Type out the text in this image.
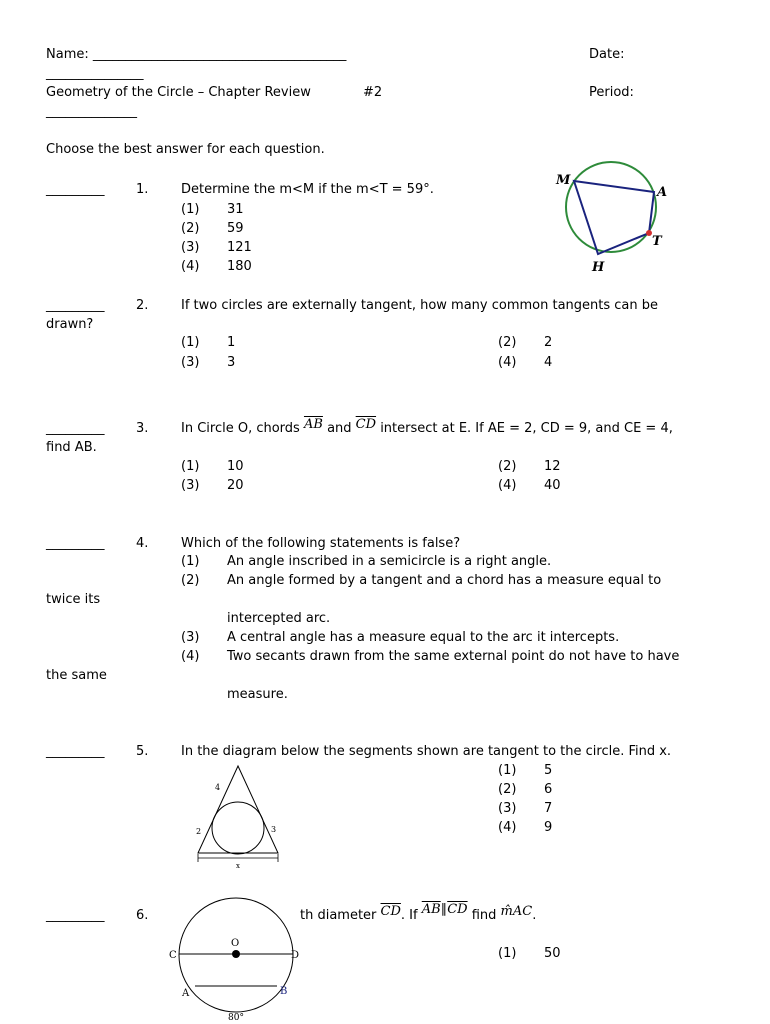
Name: _______________________________________	Date:
_______________
Geometry of the Circle – Chapter Review	#2	Period:
______________
Choose the best answer for each question.
_________ 1.	Determine the m<M if the m<T = 59°.
(1) 31
(2) 59
(3) 121
(4) 180
M
A
T
H
_________ 2.	If two circles are externally tangent, how many common tangents can be
drawn?
(1) 1	(2) 2
(3) 3	(4) 4
_________ 3.	In Circle O, chords $\overline{AB}$ and $\overline{CD}$ intersect at E. If AE = 2, CD = 9, and CE = 4,
find AB.
(1) 10	(2) 12
(3) 20	(4) 40
_________ 4.	Which of the following statements is false?
(1) An angle inscribed in a semicircle is a right angle.
(2) An angle formed by a tangent and a chord has a measure equal to
twice its
intercepted arc.
(3) A central angle has a measure equal to the arc it intercepts.
(4) Two secants drawn from the same external point do not have to have
the same
measure.
_________ 5.	In the diagram below the segments shown are tangent to the circle. Find x.
(1) 5
(2) 6
(3) 7
(4) 9
4
2	3
x
_________ 6.	th diameter $\overline{CD}$. If $\overline{AB}\parallel\overline{CD}$ find m̂AC.
(1) 50
O
C	D
A	B
80°
